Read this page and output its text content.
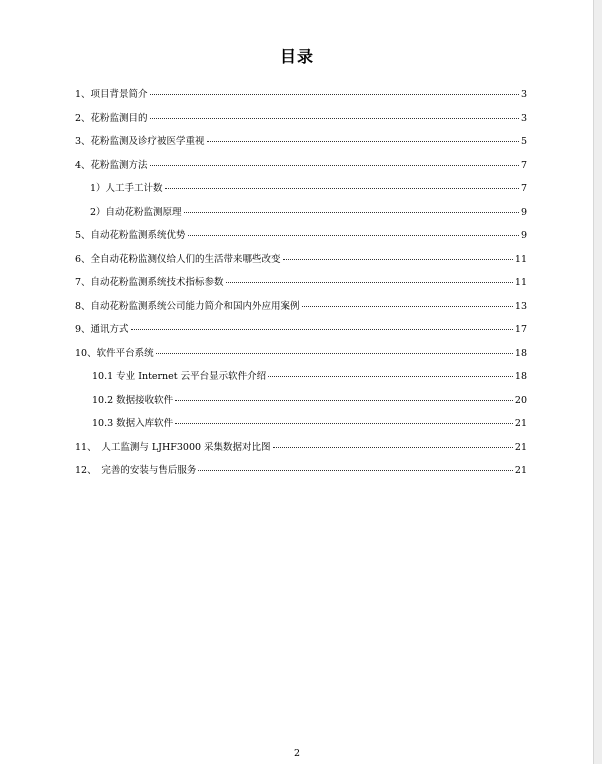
目录
1、项目背景简介	3
2、花粉监测目的	3
3、花粉监测及诊疗被医学重视	5
4、花粉监测方法	7
1）人工手工计数	7
2）自动花粉监测原理	9
5、自动花粉监测系统优势	9
6、全自动花粉监测仪给人们的生活带来哪些改变	11
7、自动花粉监测系统技术指标参数	11
8、自动花粉监测系统公司能力简介和国内外应用案例	13
9、通讯方式	17
10、软件平台系统	18
10.1 专业 Internet 云平台显示软件介绍	18
10.2 数据接收软件	20
10.3 数据入库软件	21
11、　人工监测与 LJHF3000 采集数据对比图	21
12、　完善的安装与售后服务	21
2
